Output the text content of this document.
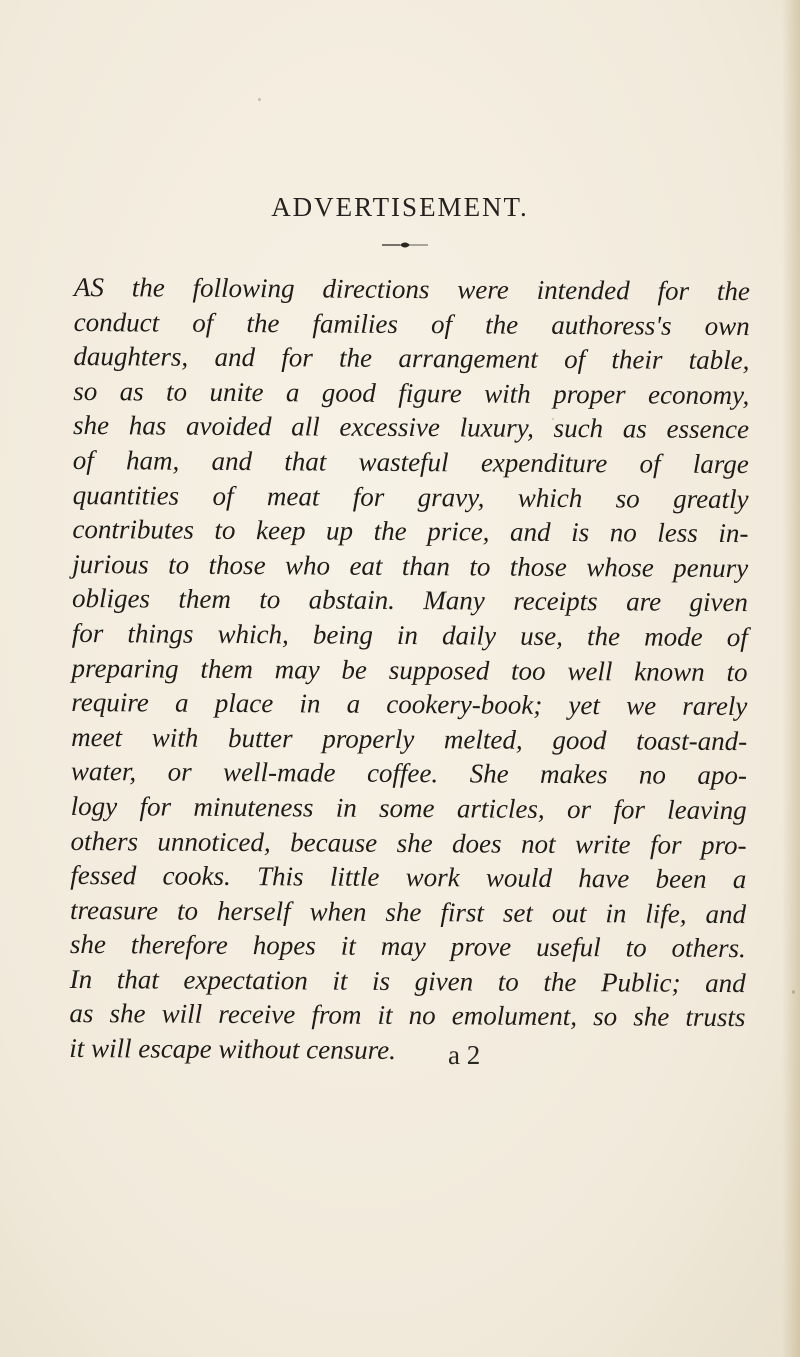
ADVERTISEMENT.
AS the following directions were intended for the
conduct of the families of the authoress's own
daughters, and for the arrangement of their table,
so as to unite a good figure with proper economy,
she has avoided all excessive luxury, such as essence
of ham, and that wasteful expenditure of large
quantities of meat for gravy, which so greatly
contributes to keep up the price, and is no less in-
jurious to those who eat than to those whose penury
obliges them to abstain. Many receipts are given
for things which, being in daily use, the mode of
preparing them may be supposed too well known to
require a place in a cookery-book; yet we rarely
meet with butter properly melted, good toast-and-
water, or well-made coffee. She makes no apo-
logy for minuteness in some articles, or for leaving
others unnoticed, because she does not write for pro-
fessed cooks. This little work would have been a
treasure to herself when she first set out in life, and
she therefore hopes it may prove useful to others.
In that expectation it is given to the Public; and
as she will receive from it no emolument, so she trusts
it will escape without censure.	a 2
